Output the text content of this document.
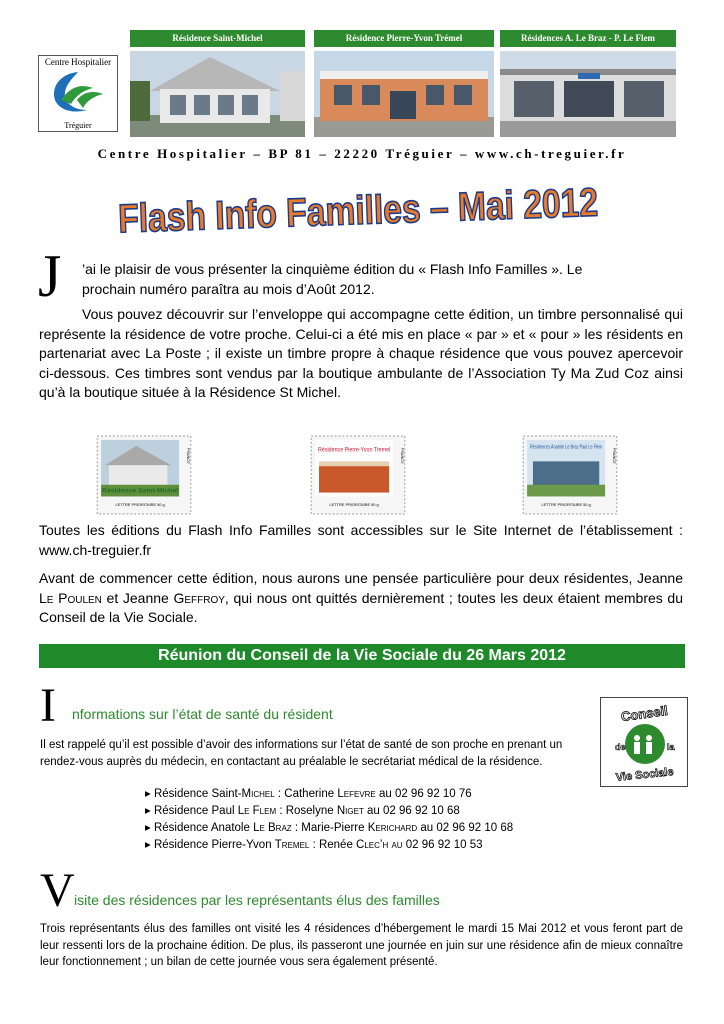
Centre Hospitalier
Tréguier
Résidence Saint-Michel	Résidence Pierre-Yvon Trémel	Résidences A. Le Braz - P. Le Flem
Centre Hospitalier – BP 81 – 22220 Tréguier – www.ch-treguier.fr
Flash Info Familles – Mai 2012
J ’ai le plaisir de vous présenter la cinquième édition du « Flash Info Familles ». Le
prochain numéro paraîtra au mois d’Août 2012.
Vous pouvez découvrir sur l’enveloppe qui accompagne cette édition, un timbre personnalisé qui représente la résidence de votre proche. Celui-ci a été mis en place « par » et « pour » les résidents en partenariat avec La Poste ; il existe un timbre propre à chaque résidence que vous pouvez apercevoir ci-dessous. Ces timbres sont vendus par la boutique ambulante de l’Association Ty Ma Zud Coz ainsi qu’à la boutique située à la Résidence St Michel.
Résidence Saint-Michel
LETTRE PRIORITAIRE 50 g
FRANCE	Résidence Pierre-Yvon Tremel
LETTRE PRIORITAIRE 50 g
FRANCE
Résidences Anatole Le Braz Paul Le Flem
LETTRE PRIORITAIRE 50 g
FRANCE
Toutes les éditions du Flash Info Familles sont accessibles sur le Site Internet de l’établissement : www.ch-treguier.fr
Avant de commencer cette édition, nous aurons une pensée particulière pour deux résidentes, Jeanne Le Poulen et Jeanne Geffroy, qui nous ont quittés dernièrement ; toutes les deux étaient membres du Conseil de la Vie Sociale.
Réunion du Conseil de la Vie Sociale du 26 Mars 2012
I nformations sur l’état de santé du résident
Il est rappelé qu’il est possible d’avoir des informations sur l’état de santé de son proche en prenant un rendez-vous auprès du médecin, en contactant au préalable le secrétariat médical de la résidence.
▸ Résidence Saint-Michel : Catherine Lefevre au 02 96 92 10 76
▸ Résidence Paul Le Flem : Roselyne Niget au 02 96 92 10 68
▸ Résidence Anatole Le Braz : Marie-Pierre Kerichard au 02 96 92 10 68
▸ Résidence Pierre-Yvon Tremel : Renée Clec’h au 02 96 92 10 53
Conseil
de	la
Vie Sociale
V isite des résidences par les représentants élus des familles
Trois représentants élus des familles ont visité les 4 résidences d’hébergement le mardi 15 Mai 2012 et vous feront part de leur ressenti lors de la prochaine édition. De plus, ils passeront une journée en juin sur une résidence afin de mieux connaître leur fonctionnement ; un bilan de cette journée vous sera également présenté.
